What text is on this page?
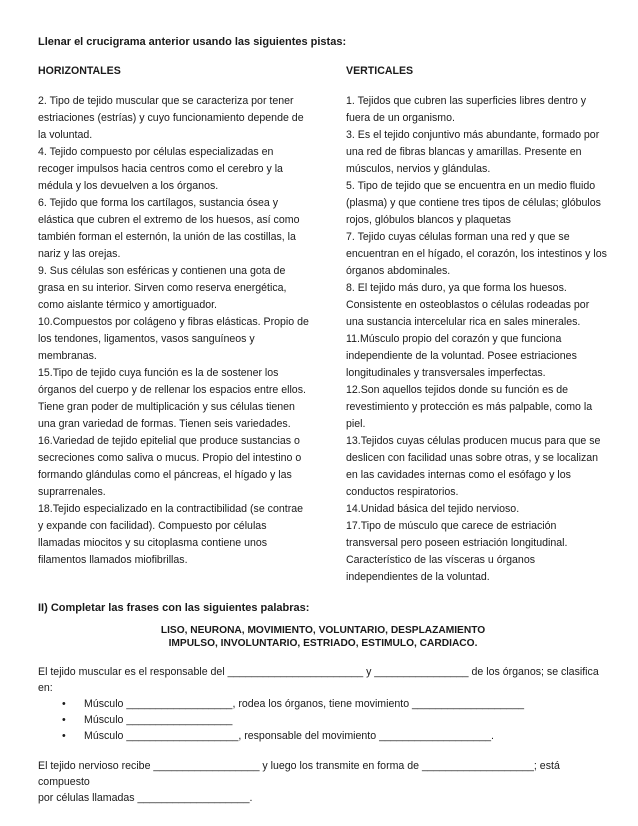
Llenar el crucigrama anterior usando las siguientes pistas:

HORIZONTALES

2. Tipo de tejido muscular que se caracteriza por tener estriaciones (estrías) y cuyo funcionamiento depende de la voluntad.

4. Tejido compuesto por células especializadas en recoger impulsos hacia centros como el cerebro y la médula y los devuelven a los órganos.

6. Tejido que forma los cartílagos, sustancia ósea y elástica que cubren el extremo de los huesos, así como también forman el esternón, la unión de las costillas, la nariz y las orejas.

9. Sus células son esféricas y contienen una gota de grasa en su interior. Sirven como reserva energética, como aislante térmico y amortiguador.

10.Compuestos por colágeno y fibras elásticas. Propio de los tendones, ligamentos, vasos sanguíneos y membranas.

15.Tipo de tejido cuya función es la de sostener los órganos del cuerpo y de rellenar los espacios entre ellos. Tiene gran poder de multiplicación y sus células tienen una gran variedad de formas. Tienen seis variedades.

16.Variedad de tejido epitelial que produce sustancias o secreciones como saliva o mucus. Propio del intestino o formando glándulas como el páncreas, el hígado y las suprarrenales.

18.Tejido especializado en la contractibilidad (se contrae y expande con facilidad). Compuesto por células llamadas miocitos y su citoplasma contiene unos filamentos llamados miofibrillas.

VERTICALES

1. Tejidos que cubren las superficies libres dentro y fuera de un organismo.

3. Es el tejido conjuntivo más abundante, formado por una red de fibras blancas y amarillas. Presente en músculos, nervios y glándulas.

5. Tipo de tejido que se encuentra en un medio fluido (plasma) y que contiene tres tipos de células; glóbulos rojos, glóbulos blancos y plaquetas

7. Tejido cuyas células forman una red y que se encuentran en el hígado, el corazón, los intestinos y los órganos abdominales.

8. El tejido más duro, ya que forma los huesos. Consistente en osteoblastos o células rodeadas por una sustancia intercelular rica en sales minerales.

11.Músculo propio del corazón y que funciona independiente de la voluntad. Posee estriaciones longitudinales y transversales imperfectas.

12.Son aquellos tejidos donde su función es de revestimiento y protección es más palpable, como la piel.

13.Tejidos cuyas células producen mucus para que se deslicen con facilidad unas sobre otras, y se localizan en las cavidades internas como el esófago y los conductos respiratorios.

14.Unidad básica del tejido nervioso.

17.Tipo de músculo que carece de estriación transversal pero poseen estriación longitudinal. Característico de las vísceras u órganos independientes de la voluntad.

II) Completar las frases con las siguientes palabras:

LISO, NEURONA, MOVIMIENTO, VOLUNTARIO, DESPLAZAMIENTO
IMPULSO, INVOLUNTARIO, ESTRIADO, ESTIMULO, CARDIACO.

El tejido muscular es el responsable del _______________________ y ________________ de los órganos; se clasifica

en:

• Músculo __________________, rodea los órganos, tiene movimiento ___________________
• Músculo __________________
• Músculo ___________________, responsable del movimiento ___________________.

El tejido nervioso recibe __________________ y luego los transmite en forma de ___________________; está compuesto

por células llamadas ___________________.
